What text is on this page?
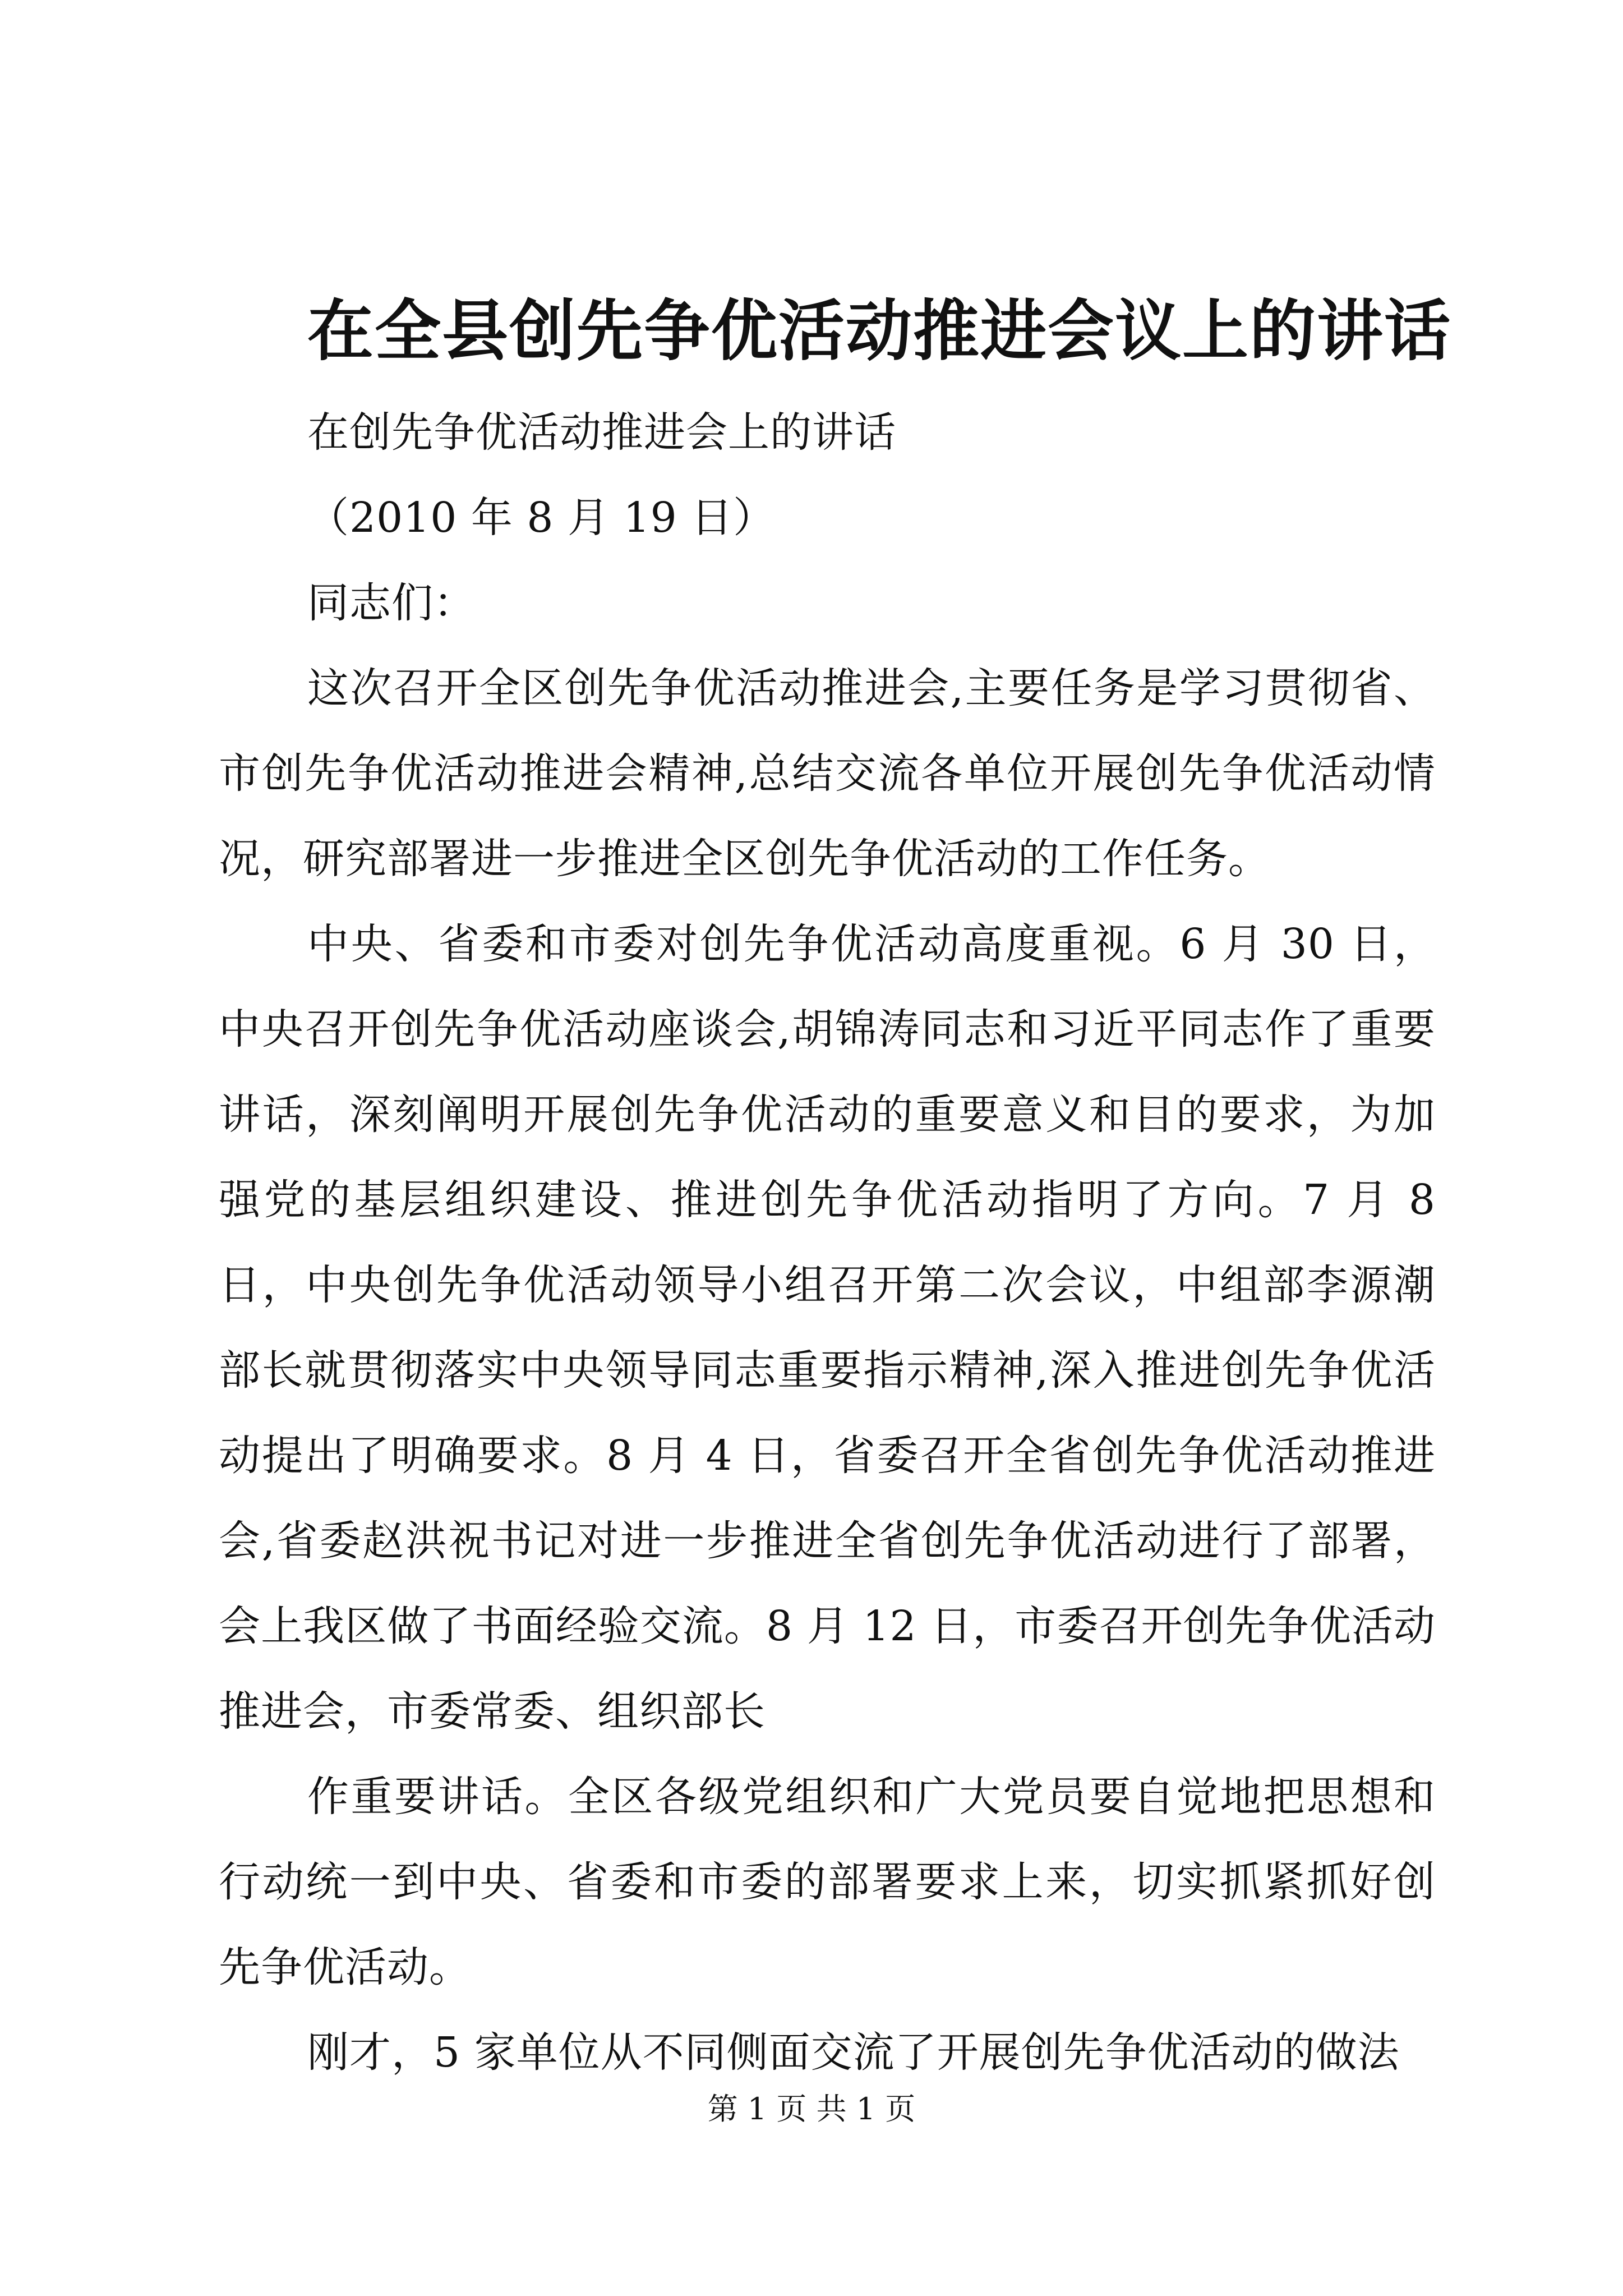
在全县创先争优活动推进会议上的讲话

在创先争优活动推进会上的讲话

（2010 年 8 月 19 日）

同志们：

这次召开全区创先争优活动推进会,主要任务是学习贯彻省、市创先争优活动推进会精神,总结交流各单位开展创先争优活动情况，研究部署进一步推进全区创先争优活动的工作任务。

中央、省委和市委对创先争优活动高度重视。6 月 30 日，中央召开创先争优活动座谈会,胡锦涛同志和习近平同志作了重要讲话，深刻阐明开展创先争优活动的重要意义和目的要求，为加强党的基层组织建设、推进创先争优活动指明了方向。7 月 8 日，中央创先争优活动领导小组召开第二次会议，中组部李源潮部长就贯彻落实中央领导同志重要指示精神,深入推进创先争优活动提出了明确要求。8 月 4 日，省委召开全省创先争优活动推进会,省委赵洪祝书记对进一步推进全省创先争优活动进行了部署，会上我区做了书面经验交流。8 月 12 日，市委召开创先争优活动推进会，市委常委、组织部长

作重要讲话。全区各级党组织和广大党员要自觉地把思想和行动统一到中央、省委和市委的部署要求上来，切实抓紧抓好创先争优活动。

刚才，5 家单位从不同侧面交流了开展创先争优活动的做法

第 1 页 共 1 页
